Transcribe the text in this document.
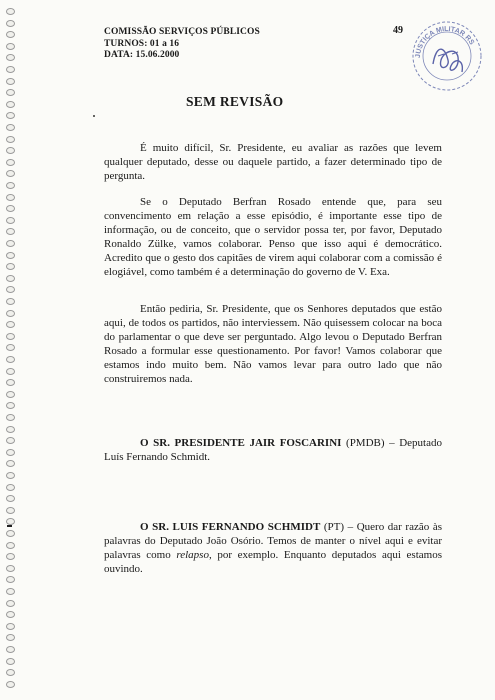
COMISSÃO SERVIÇOS PÚBLICOS
TURNOS: 01 a 16
DATA: 15.06.2000
49
JUSTIÇA MILITAR RS
SEM REVISÃO

É muito difícil, Sr. Presidente, eu avaliar as razões que levem qualquer deputado, desse ou daquele partido, a fazer determinado tipo de pergunta.

Se o Deputado Berfran Rosado entende que, para seu convencimento em relação a esse episódio, é importante esse tipo de informação, ou de conceito, que o servidor possa ter, por favor, Deputado Ronaldo Zülke, vamos colaborar. Penso que isso aqui é democrático. Acredito que o gesto dos capitães de virem aqui colaborar com a comissão é elogiável, como também é a determinação do governo de V. Exa.

Então pediria, Sr. Presidente, que os Senhores deputados que estão aqui, de todos os partidos, não interviessem. Não quisessem colocar na boca do parlamentar o que deve ser perguntado. Algo levou o Deputado Berfran Rosado a formular esse questionamento. Por favor! Vamos colaborar que estamos indo muito bem. Não vamos levar para outro lado que não construiremos nada.

O SR. PRESIDENTE JAIR FOSCARINI (PMDB) – Deputado Luís Fernando Schmidt.

O SR. LUIS FERNANDO SCHMIDT (PT) – Quero dar razão às palavras do Deputado João Osório. Temos de manter o nível aqui e evitar palavras como relapso, por exemplo. Enquanto deputados aqui estamos ouvindo.
